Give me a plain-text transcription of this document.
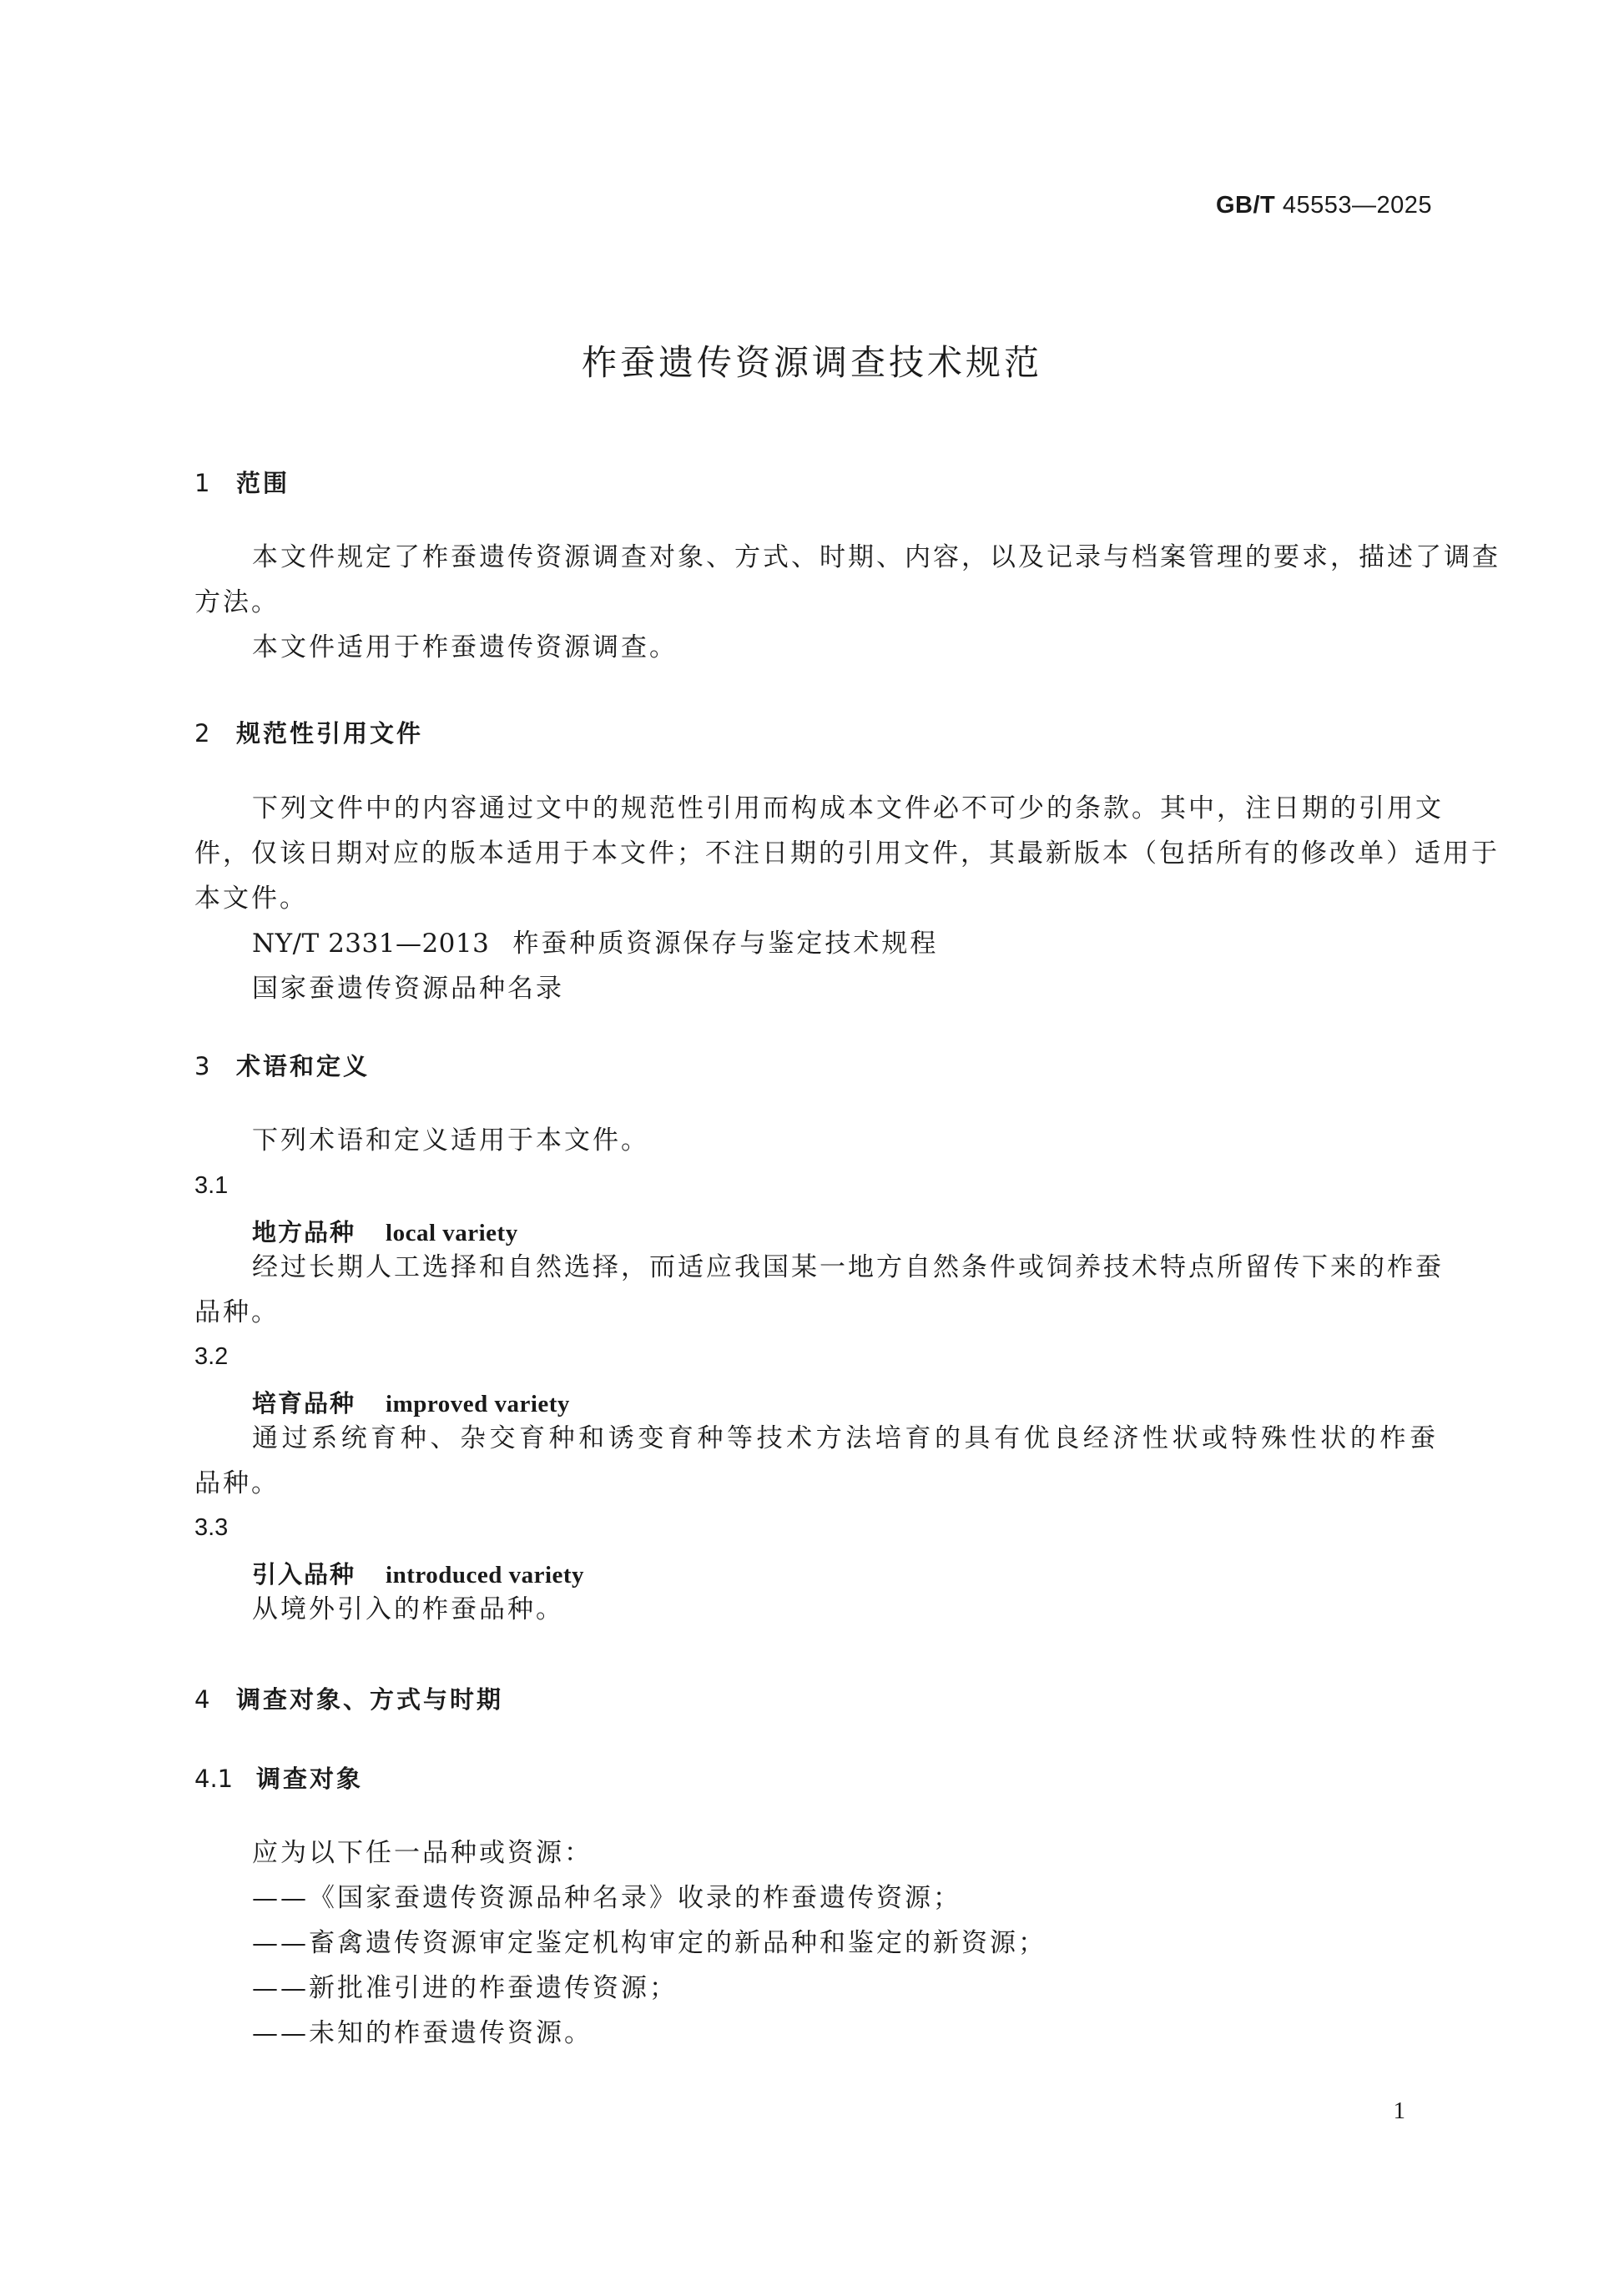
GB/T 45553—2025
柞蚕遗传资源调查技术规范
1 范围
本文件规定了柞蚕遗传资源调查对象、方式、时期、内容，以及记录与档案管理的要求，描述了调查
方法。
本文件适用于柞蚕遗传资源调查。
2 规范性引用文件
下列文件中的内容通过文中的规范性引用而构成本文件必不可少的条款。其中，注日期的引用文
件，仅该日期对应的版本适用于本文件；不注日期的引用文件，其最新版本（包括所有的修改单）适用于
本文件。
NY/T 2331—2013 柞蚕种质资源保存与鉴定技术规程
国家蚕遗传资源品种名录
3 术语和定义
下列术语和定义适用于本文件。
3.1
地方品种 local variety
经过长期人工选择和自然选择，而适应我国某一地方自然条件或饲养技术特点所留传下来的柞蚕
品种。
3.2
培育品种 improved variety
通过系统育种、杂交育种和诱变育种等技术方法培育的具有优良经济性状或特殊性状的柞蚕
品种。
3.3
引入品种 introduced variety
从境外引入的柞蚕品种。
4 调查对象、方式与时期
4.1 调查对象
应为以下任一品种或资源：
——《国家蚕遗传资源品种名录》收录的柞蚕遗传资源；
——畜禽遗传资源审定鉴定机构审定的新品种和鉴定的新资源；
——新批准引进的柞蚕遗传资源；
——未知的柞蚕遗传资源。
1
